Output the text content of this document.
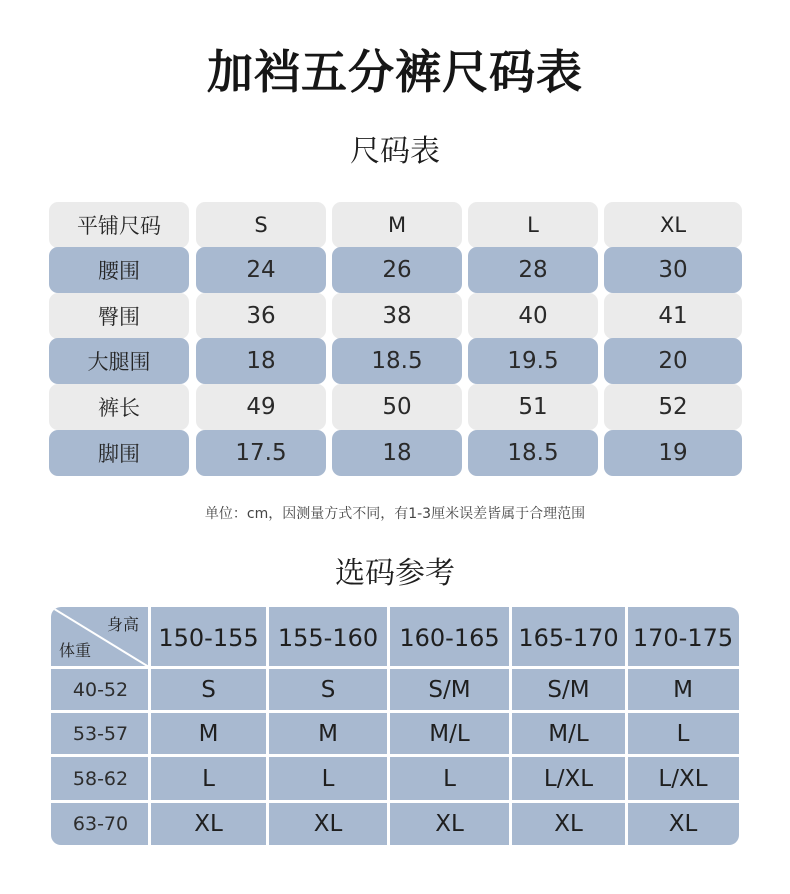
加裆五分裤尺码表
尺码表
平铺尺码	S	M	L	XL
腰围	24	26	28	30
臀围	36	38	40	41
大腿围	18	18.5	19.5	20
裤长	49	50	51	52
脚围	17.5	18	18.5	19
单位：cm，因测量方式不同，有1-3厘米误差皆属于合理范围
选码参考
身高
体重	150-155 155-160 160-165 165-170 170-175
40-52	S	S	S/M	S/M	M
53-57	M	M	M/L	M/L	L
58-62	L	L	L	L/XL	L/XL
63-70	XL	XL	XL	XL	XL
